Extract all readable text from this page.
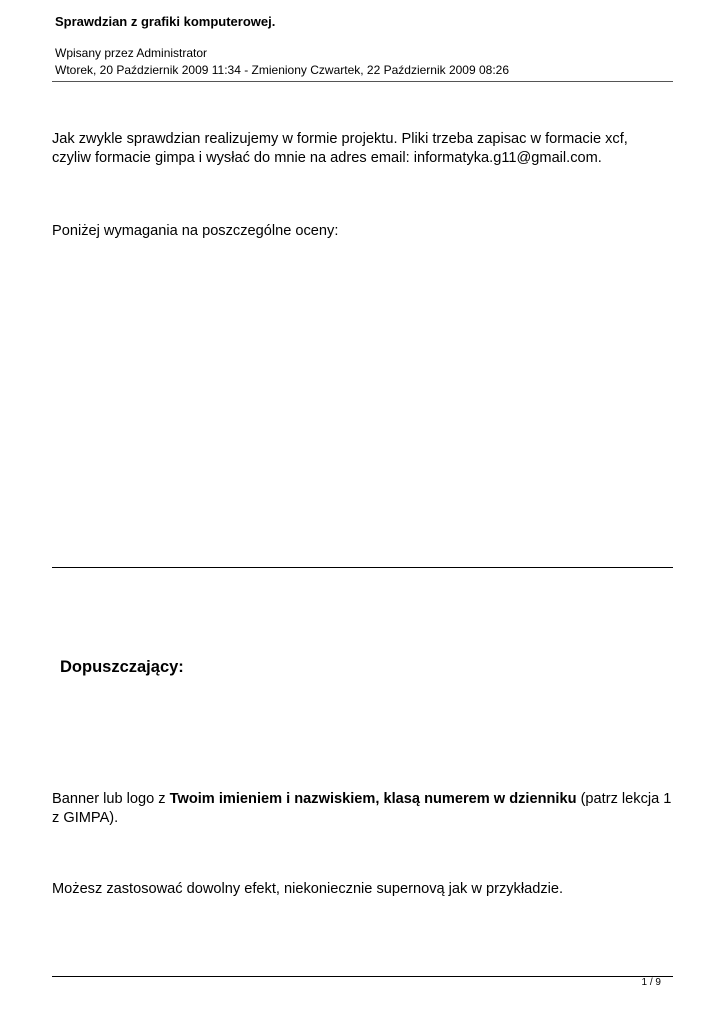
Sprawdzian z grafiki komputerowej.
Wpisany przez Administrator
Wtorek, 20 Październik 2009 11:34 - Zmieniony Czwartek, 22 Październik 2009 08:26
Jak zwykle sprawdzian realizujemy w formie projektu. Pliki trzeba zapisac w formacie xcf,
czyliw formacie gimpa i wysłać do mnie na adres email: informatyka.g11@gmail.com.
Poniżej wymagania na poszczególne oceny:
Dopuszczający:
Banner lub logo z Twoim imieniem i nazwiskiem, klasą numerem w dzienniku (patrz lekcja 1 z GIMPA).
Możesz zastosować dowolny efekt, niekoniecznie supernovą jak w przykładzie.
1 / 9
